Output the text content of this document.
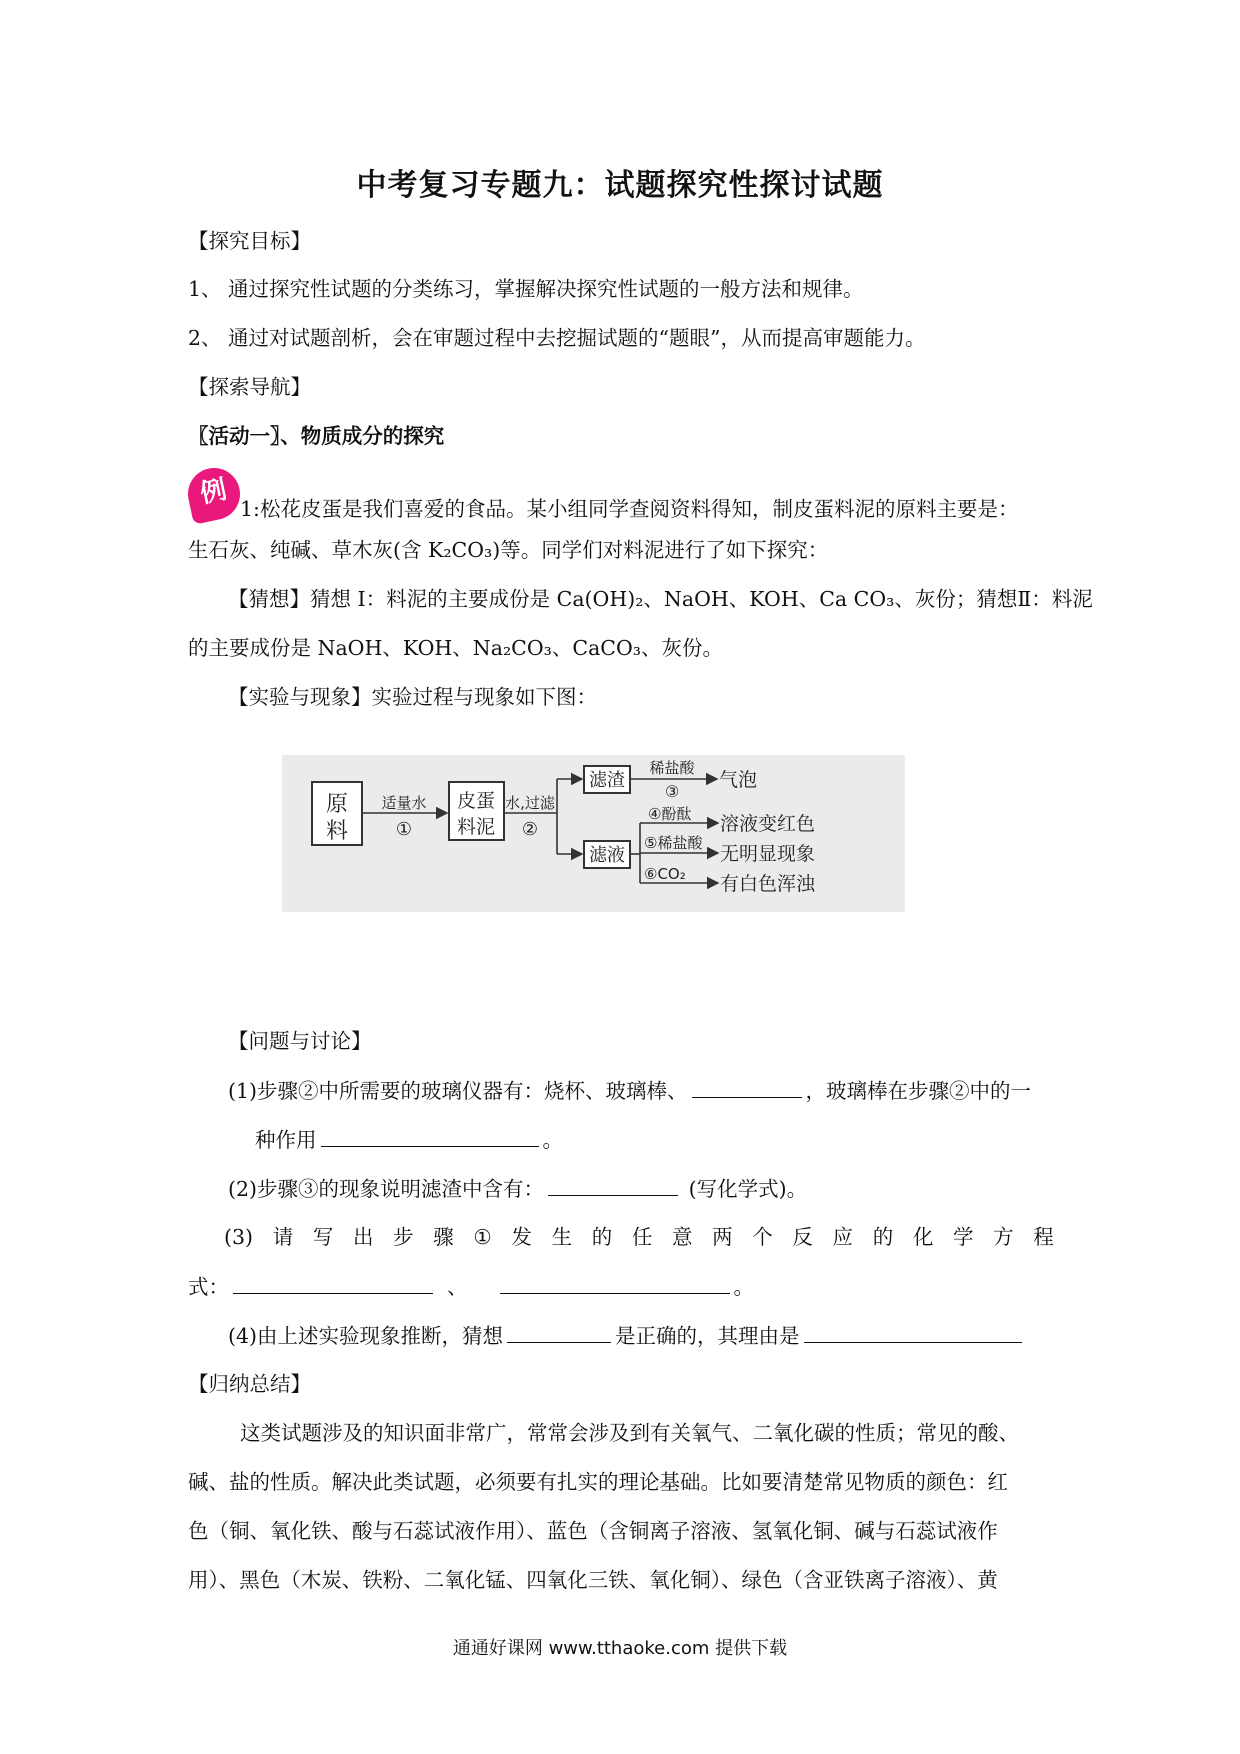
中考复习专题九：试题探究性探讨试题
【探究目标】
1、 通过探究性试题的分类练习，掌握解决探究性试题的一般方法和规律。
2、 通过对试题剖析，会在审题过程中去挖掘试题的“题眼”，从而提高审题能力。
【探索导航】
〖活动一〗、物质成分的探究
例 1:松花皮蛋是我们喜爱的食品。某小组同学查阅资料得知，制皮蛋料泥的原料主要是：
生石灰、纯碱、草木灰(含 K₂CO₃)等。同学们对料泥进行了如下探究：
【猜想】猜想 I：料泥的主要成份是 Ca(OH)₂、NaOH、KOH、Ca CO₃、灰份；猜想Ⅱ：料泥
的主要成份是 NaOH、KOH、Na₂CO₃、CaCO₃、灰份。
【实验与现象】实验过程与现象如下图：
原
料
适量水
①
皮蛋
料泥
水,过滤
②
滤渣
稀盐酸
③
气泡
滤液
④酚酞
⑤稀盐酸
⑥CO₂
溶液变红色
无明显现象
有白色浑浊
【问题与讨论】
(1)步骤②中所需要的玻璃仪器有：烧杯、玻璃棒、	，玻璃棒在步骤②中的一
种作用	。
(2)步骤③的现象说明滤渣中含有：	(写化学式)。
(3) 请 写 出 步 骤 ① 发 生 的 任 意 两 个 反 应 的 化 学 方 程
式：	、	。
(4)由上述实验现象推断，猜想	是正确的，其理由是
【归纳总结】
这类试题涉及的知识面非常广，常常会涉及到有关氧气、二氧化碳的性质；常见的酸、
碱、盐的性质。解决此类试题，必须要有扎实的理论基础。比如要清楚常见物质的颜色：红
色（铜、氧化铁、酸与石蕊试液作用）、蓝色（含铜离子溶液、氢氧化铜、碱与石蕊试液作
用）、黑色（木炭、铁粉、二氧化锰、四氧化三铁、氧化铜）、绿色（含亚铁离子溶液）、黄
通通好课网 www.tthaoke.com 提供下载
